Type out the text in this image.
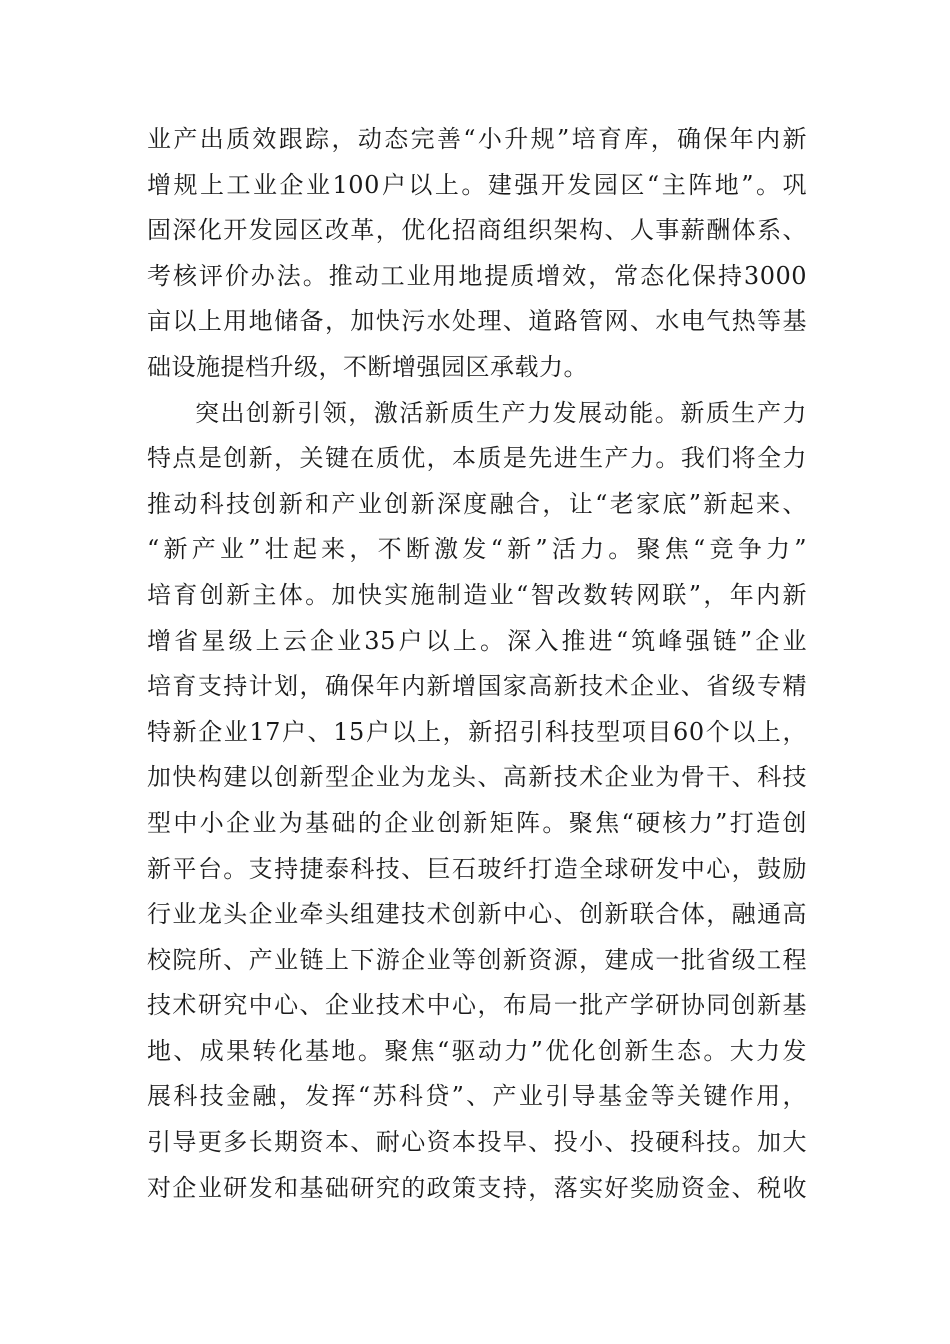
业产出质效跟踪，动态完善“小升规”培育库，确保年内新
增规上工业企业100户以上。建强开发园区“主阵地”。巩
固深化开发园区改革，优化招商组织架构、人事薪酬体系、
考核评价办法。推动工业用地提质增效，常态化保持3000
亩以上用地储备，加快污水处理、道路管网、水电气热等基
础设施提档升级，不断增强园区承载力。
突出创新引领，激活新质生产力发展动能。新质生产力
特点是创新，关键在质优，本质是先进生产力。我们将全力
推动科技创新和产业创新深度融合，让“老家底”新起来、
“新产业”壮起来，不断激发“新”活力。聚焦“竞争力”
培育创新主体。加快实施制造业“智改数转网联”，年内新
增省星级上云企业35户以上。深入推进“筑峰强链”企业
培育支持计划，确保年内新增国家高新技术企业、省级专精
特新企业17户、15户以上，新招引科技型项目60个以上，
加快构建以创新型企业为龙头、高新技术企业为骨干、科技
型中小企业为基础的企业创新矩阵。聚焦“硬核力”打造创
新平台。支持捷泰科技、巨石玻纤打造全球研发中心，鼓励
行业龙头企业牵头组建技术创新中心、创新联合体，融通高
校院所、产业链上下游企业等创新资源，建成一批省级工程
技术研究中心、企业技术中心，布局一批产学研协同创新基
地、成果转化基地。聚焦“驱动力”优化创新生态。大力发
展科技金融，发挥“苏科贷”、产业引导基金等关键作用，
引导更多长期资本、耐心资本投早、投小、投硬科技。加大
对企业研发和基础研究的政策支持，落实好奖励资金、税收
